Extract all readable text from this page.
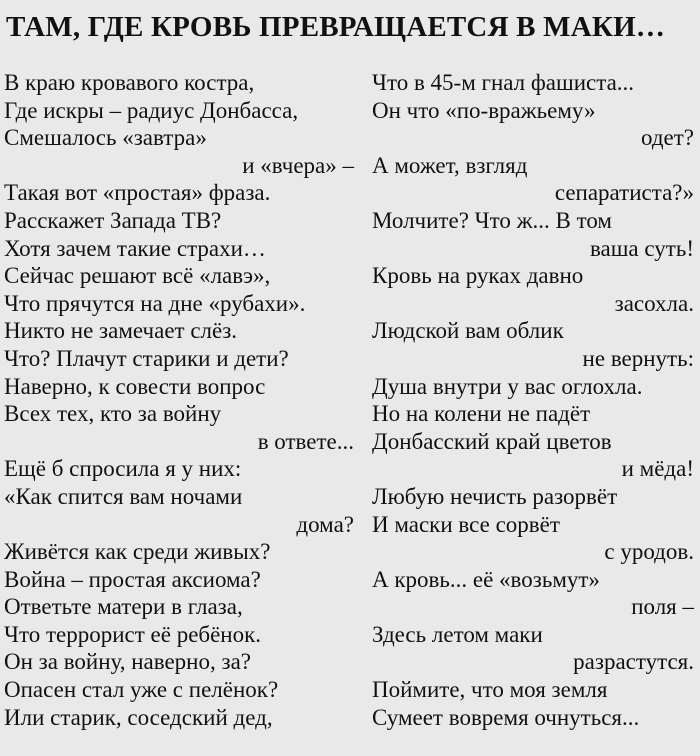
ТАМ, ГДЕ КРОВЬ ПРЕВРАЩАЕТСЯ В МАКИ…
В краю кровавого костра,
Где искры – радиус Донбасса,
Смешалось «завтра»
и «вчера» –
Такая вот «простая» фраза.
Расскажет Запада ТВ?
Хотя зачем такие страхи…
Сейчас решают всё «лавэ»,
Что прячутся на дне «рубахи».
Никто не замечает слёз.
Что? Плачут старики и дети?
Наверно, к совести вопрос
Всех тех, кто за войну
в ответе...
Ещё б спросила я у них:
«Как спится вам ночами
дома?
Живётся как среди живых?
Война – простая аксиома?
Ответьте матери в глаза,
Что террорист её ребёнок.
Он за войну, наверно, за?
Опасен стал уже с пелёнок?
Или старик, соседский дед,
Что в 45-м гнал фашиста...
Он что «по-вражьему»
одет?
А может, взгляд
сепаратиста?»
Молчите? Что ж... В том
ваша суть!
Кровь на руках давно
засохла.
Людской вам облик
не вернуть:
Душа внутри у вас оглохла.
Но на колени не падёт
Донбасский край цветов
и мёда!
Любую нечисть разорвёт
И маски все сорвёт
с уродов.
А кровь... её «возьмут»
поля –
Здесь летом маки
разрастутся.
Поймите, что моя земля
Сумеет вовремя очнуться...
